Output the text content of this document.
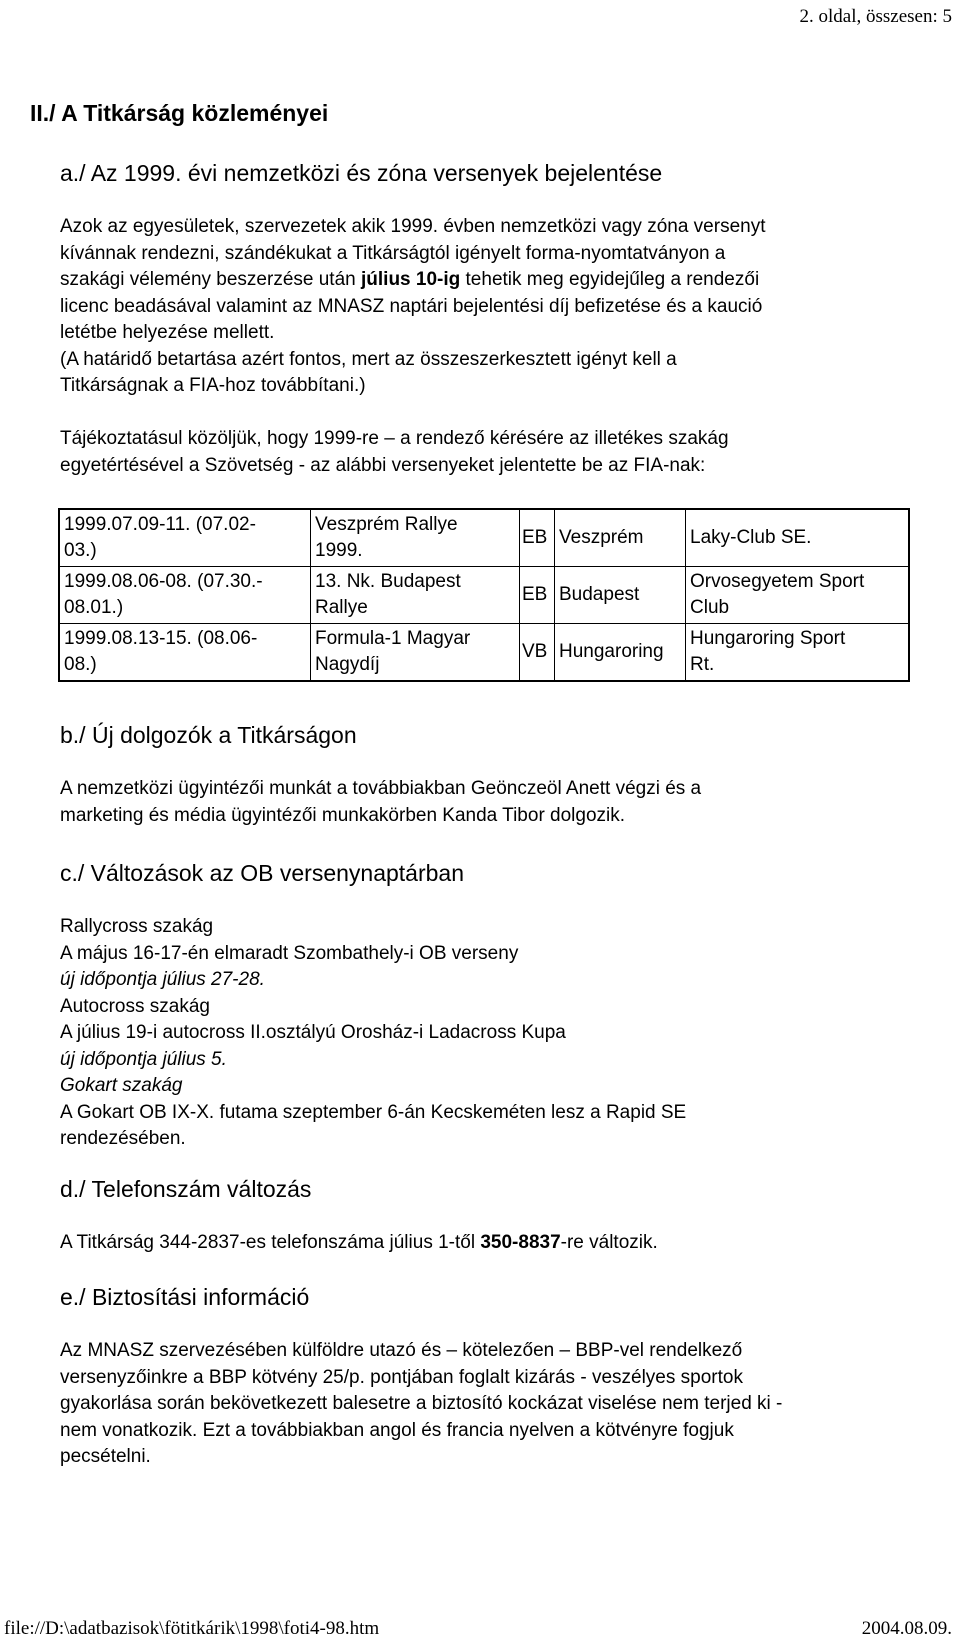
2. oldal, összesen: 5
II./ A Titkárság közleményei
a./ Az 1999. évi nemzetközi és zóna versenyek bejelentése

Azok az egyesületek, szervezetek akik 1999. évben nemzetközi vagy zóna versenyt
kívánnak rendezni, szándékukat a Titkárságtól igényelt forma-nyomtatványon a
szakági vélemény beszerzése után július 10-ig tehetik meg egyidejűleg a rendezői
licenc beadásával valamint az MNASZ naptári bejelentési díj befizetése és a kaució
letétbe helyezése mellett.
(A határidő betartása azért fontos, mert az összeszerkesztett igényt kell a
Titkárságnak a FIA-hoz továbbítani.)

Tájékoztatásul közöljük, hogy 1999-re – a rendező kérésére az illetékes szakág
egyetértésével a Szövetség - az alábbi versenyeket jelentette be az FIA-nak:

1999.07.09-11. (07.02-
03.)	Veszprém Rallye
1999.	EB	Veszprém	Laky-Club SE.

1999.08.06-08. (07.30.-
08.01.)	13. Nk. Budapest
Rallye	EB	Budapest	Orvosegyetem Sport
Club

1999.08.13-15. (08.06-
08.)	Formula-1 Magyar
Nagydíj	VB	Hungaroring	Hungaroring Sport
Rt.
b./ Új dolgozók a Titkárságon

A nemzetközi ügyintézői munkát a továbbiakban Geönczeöl Anett végzi és a
marketing és média ügyintézői munkakörben Kanda Tibor dolgozik.

c./ Változások az OB versenynaptárban

Rallycross szakág
A május 16-17-én elmaradt Szombathely-i OB verseny
új időpontja július 27-28.
Autocross szakág
A július 19-i autocross II.osztályú Orosház-i Ladacross Kupa
új időpontja július 5.
Gokart szakág
A Gokart OB IX-X. futama szeptember 6-án Kecskeméten lesz a Rapid SE
rendezésében.

d./ Telefonszám változás

A Titkárság 344-2837-es telefonszáma július 1-től 350-8837-re változik.

e./ Biztosítási információ

Az MNASZ szervezésében külföldre utazó és – kötelezően – BBP-vel rendelkező
versenyzőinkre a BBP kötvény 25/p. pontjában foglalt kizárás - veszélyes sportok
gyakorlása során bekövetkezett balesetre a biztosító kockázat viselése nem terjed ki -
nem vonatkozik. Ezt a továbbiakban angol és francia nyelven a kötvényre fogjuk
pecsételni.

file://D:\adatbazisok\fötitkárik\1998\foti4-98.htm	2004.08.09.
